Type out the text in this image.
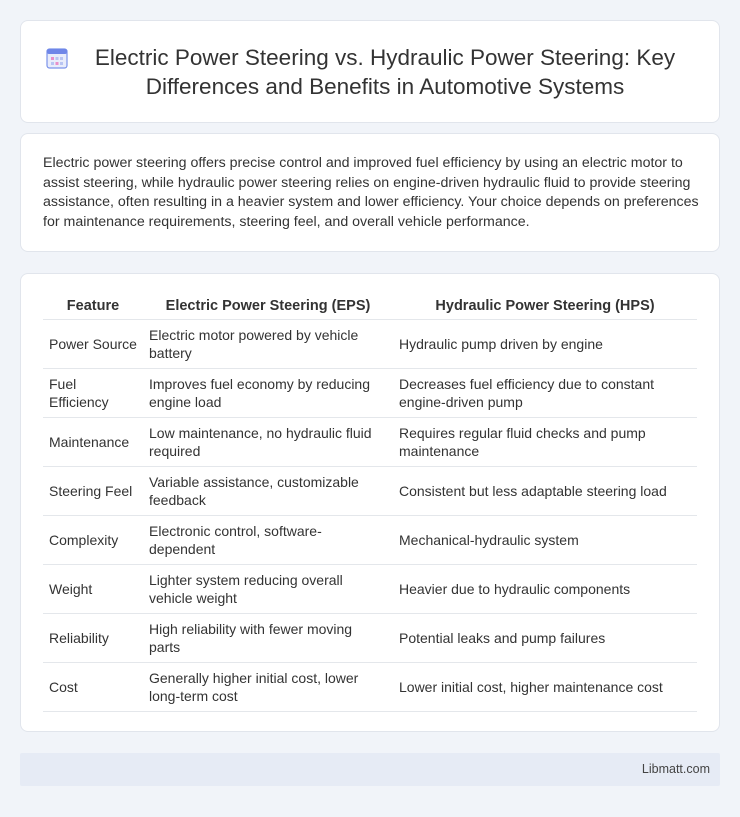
Electric Power Steering vs. Hydraulic Power Steering: Key Differences and Benefits in Automotive Systems

Electric power steering offers precise control and improved fuel efficiency by using an electric motor to assist steering, while hydraulic power steering relies on engine-driven hydraulic fluid to provide steering assistance, often resulting in a heavier system and lower efficiency. Your choice depends on preferences for maintenance requirements, steering feel, and overall vehicle performance.

Feature	Electric Power Steering (EPS)	Hydraulic Power Steering (HPS)
Power Source	Electric motor powered by vehicle battery	Hydraulic pump driven by engine
Fuel Efficiency	Improves fuel economy by reducing engine load	Decreases fuel efficiency due to constant engine-driven pump
Maintenance	Low maintenance, no hydraulic fluid required	Requires regular fluid checks and pump maintenance
Steering Feel	Variable assistance, customizable feedback	Consistent but less adaptable steering load
Complexity	Electronic control, software-dependent	Mechanical-hydraulic system
Weight	Lighter system reducing overall vehicle weight	Heavier due to hydraulic components
Reliability	High reliability with fewer moving parts	Potential leaks and pump failures
Cost	Generally higher initial cost, lower long-term cost	Lower initial cost, higher maintenance cost
Libmatt.com
